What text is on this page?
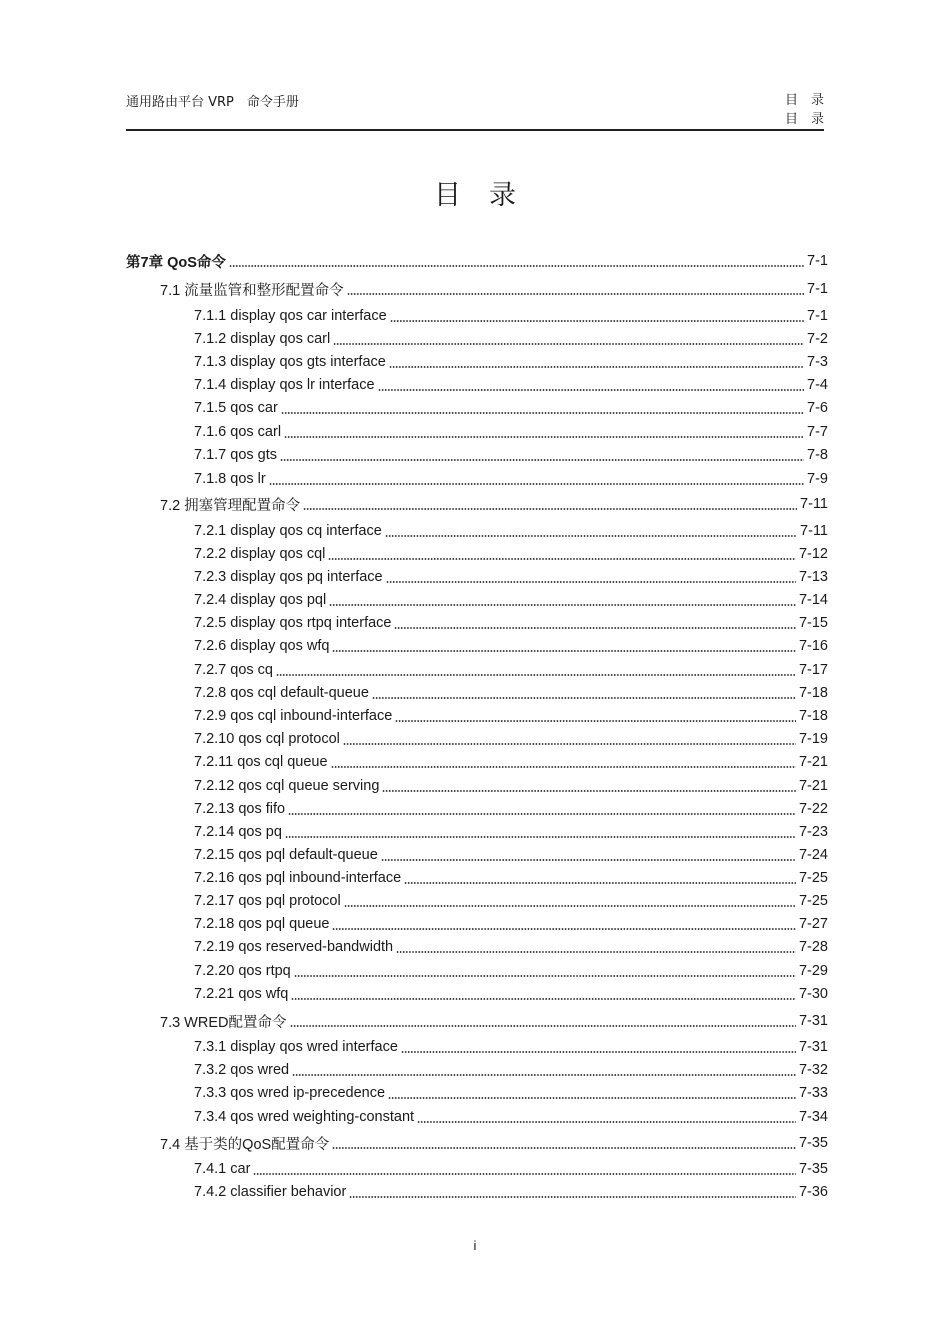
通用路由平台 VRP　命令手册	目　录
目　录
目录
第7章 QoS命令	7-1
7.1 流量监管和整形配置命令	7-1
7.1.1 display qos car interface	7-1
7.1.2 display qos carl	7-2
7.1.3 display qos gts interface	7-3
7.1.4 display qos lr interface	7-4
7.1.5 qos car	7-6
7.1.6 qos carl	7-7
7.1.7 qos gts	7-8
7.1.8 qos lr	7-9
7.2 拥塞管理配置命令	7-11
7.2.1 display qos cq interface	7-11
7.2.2 display qos cql	7-12
7.2.3 display qos pq interface	7-13
7.2.4 display qos pql	7-14
7.2.5 display qos rtpq interface	7-15
7.2.6 display qos wfq	7-16
7.2.7 qos cq	7-17
7.2.8 qos cql default-queue	7-18
7.2.9 qos cql inbound-interface	7-18
7.2.10 qos cql protocol	7-19
7.2.11 qos cql queue	7-21
7.2.12 qos cql queue serving	7-21
7.2.13 qos fifo	7-22
7.2.14 qos pq	7-23
7.2.15 qos pql default-queue	7-24
7.2.16 qos pql inbound-interface	7-25
7.2.17 qos pql protocol	7-25
7.2.18 qos pql queue	7-27
7.2.19 qos reserved-bandwidth	7-28
7.2.20 qos rtpq	7-29
7.2.21 qos wfq	7-30
7.3 WRED配置命令	7-31
7.3.1 display qos wred interface	7-31
7.3.2 qos wred	7-32
7.3.3 qos wred ip-precedence	7-33
7.3.4 qos wred weighting-constant	7-34
7.4 基于类的QoS配置命令	7-35
7.4.1 car	7-35
7.4.2 classifier behavior	7-36
i
